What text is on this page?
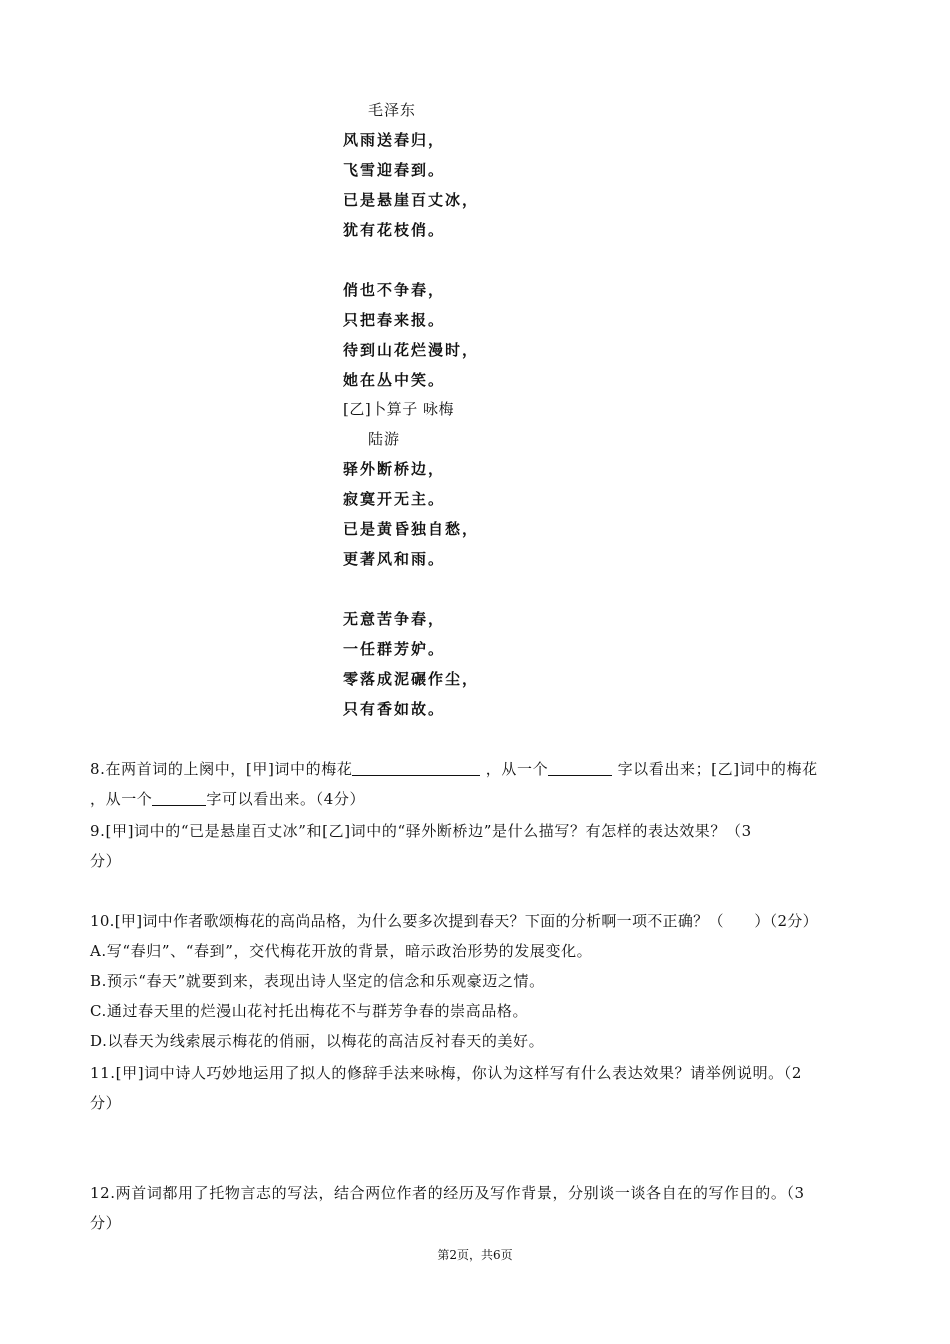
毛泽东
风雨送春归，
飞雪迎春到。
已是悬崖百丈冰，
犹有花枝俏。
俏也不争春，
只把春来报。
待到山花烂漫时，
她在丛中笑。
[乙]卜算子 咏梅
陆游
驿外断桥边，
寂寞开无主。
已是黄昏独自愁，
更著风和雨。
无意苦争春，
一任群芳妒。
零落成泥碾作尘，
只有香如故。
8.在两首词的上阕中，[甲]词中的梅花	，从一个	字以看出来；[乙]词中的梅花
，从一个	字可以看出来。（4分）
9.[甲]词中的“已是悬崖百丈冰”和[乙]词中的“驿外断桥边”是什么描写？有怎样的表达效果？（3
分）
10.[甲]词中作者歌颂梅花的高尚品格，为什么要多次提到春天？下面的分析啊一项不正确？（　　）（2分）
A.写“春归”、“春到”，交代梅花开放的背景，暗示政治形势的发展变化。
B.预示“春天”就要到来，表现出诗人坚定的信念和乐观豪迈之情。
C.通过春天里的烂漫山花衬托出梅花不与群芳争春的崇高品格。
D.以春天为线索展示梅花的俏丽，以梅花的高洁反衬春天的美好。
11.[甲]词中诗人巧妙地运用了拟人的修辞手法来咏梅，你认为这样写有什么表达效果？请举例说明。（2
分）
12.两首词都用了托物言志的写法，结合两位作者的经历及写作背景，分别谈一谈各自在的写作目的。（3
分）
第2页，共6页
